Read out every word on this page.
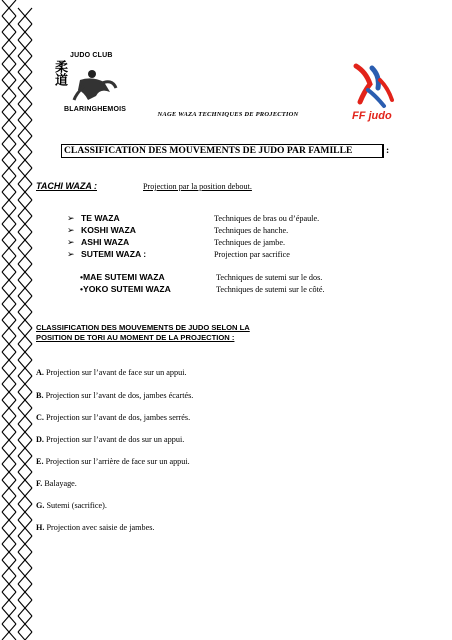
JUDO CLUB
柔道
BLARINGHEMOIS
FF judo
NAGE WAZA TECHNIQUES DE PROJECTION
CLASSIFICATION DES MOUVEMENTS DE JUDO PAR FAMILLE	:
TACHI WAZA :	Projection par la position debout.
➢ TE WAZA	Techniques de bras ou d’épaule.
➢ KOSHI WAZA	Techniques de hanche.
➢ ASHI WAZA	Techniques de jambe.
➢ SUTEMI WAZA :	Projection par sacrifice
•MAE SUTEMI WAZA	Techniques de sutemi sur le dos.
•YOKO SUTEMI WAZA	Techniques de sutemi sur le côté.
CLASSIFICATION DES MOUVEMENTS DE JUDO SELON LA
POSITION DE TORI AU MOMENT DE LA PROJECTION :
A. Projection sur l’avant de face sur un appui.
B. Projection sur l’avant de dos, jambes écartés.
C. Projection sur l’avant de dos, jambes serrés.
D. Projection sur l’avant de dos sur un appui.
E. Projection sur l’arrière de face sur un appui.
F. Balayage.
G. Sutemi (sacrifice).
H. Projection avec saisie de jambes.
